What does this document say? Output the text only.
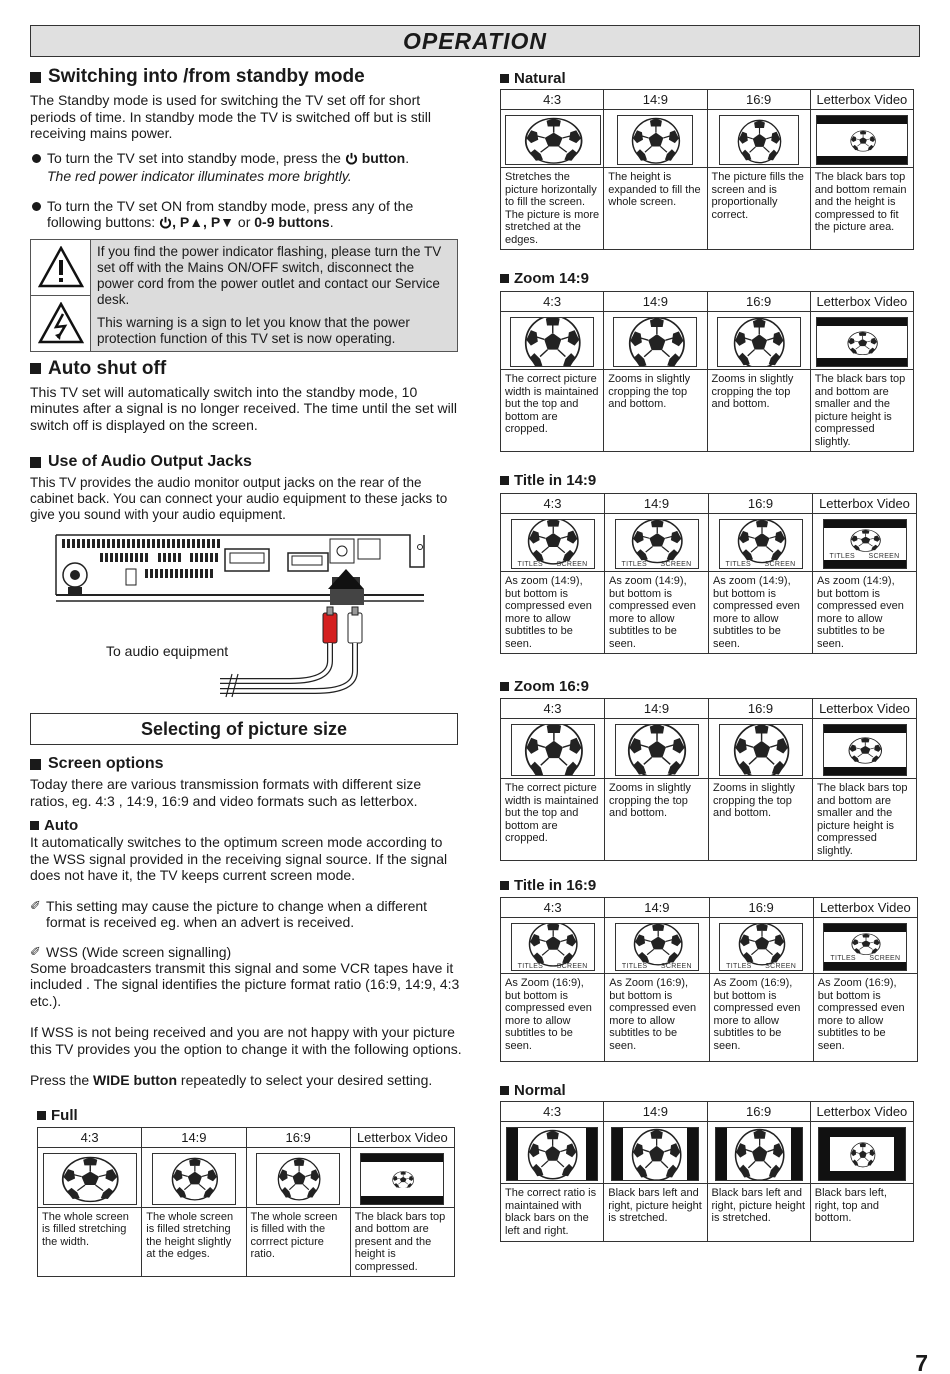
OPERATION
Switching into /from standby mode

The Standby mode is used for switching the TV set off for short periods of time. In standby mode the TV is switched off but is still receiving mains power.

To turn the TV set into standby mode, press the button.
The red power indicator illuminates more brightly.
To turn the TV set ON from standby mode, press any of the following buttons: , P▲, P▼ or 0-9 buttons.

If you find the power indicator flashing, please turn the TV set off with the Mains ON/OFF switch, disconnect the power cord from the power outlet and contact our Service desk.

This warning is a sign to let you know that the power protection function of this TV set is now operating.

Auto shut off

This TV set will automatically switch into the standby mode, 10 minutes after a signal is no longer received. The time until the set will switch off is displayed on the screen.

Use of Audio Output Jacks

This TV provides the audio monitor output jacks on the rear of the cabinet back. You can connect your audio equipment to these jacks to give you sound with your audio equipment.

To audio equipment
Selecting of picture size
Screen options

Today there are various transmission formats with different size ratios, eg. 4:3 , 14:9, 16:9 and video formats such as letterbox.

Auto

It automatically switches to the optimum screen mode according to the WSS signal provided in the receiving signal source. If the signal does not have it, the TV keeps current screen mode.

✐ This setting may cause the picture to change when a different format is received eg. when an advert is received.
✐ WSS (Wide screen signalling)

Some broadcasters transmit this signal and some VCR tapes have it included . The signal identifies the picture format ratio (16:9, 14:9, 4:3 etc.).

If WSS is not being received and you are not happy with your picture this TV provides you the option to change it with the following options.

Press the WIDE button repeatedly to select your desired setting.

Full
4:3	14:9	16:9	Letterbox Video

The whole screen is filled stretching the width.	The whole screen is filled stretching the height slightly at the edges.	The whole screen is filled with the corrrect picture ratio.	The black bars top and bottom are present and the height is compressed.
Natural
4:3	14:9	16:9	Letterbox Video

Stretches the picture horizontally to fill the screen. The picture is more stretched at the edges.	The height is expanded to fill the whole screen.	The picture fills the screen and is proportionally correct.	The black bars top and bottom remain and the height is compressed to fit the picture area.
Zoom 14:9
4:3	14:9	16:9	Letterbox Video

The correct picture width is maintained but the top and bottom are cropped.	Zooms in slightly cropping the top and bottom.	Zooms in slightly cropping the top and bottom.	The black bars top and bottom are smaller and the picture height is compressed slightly.
Title in 14:9
4:3	14:9	16:9	Letterbox Video

TITLES SCREEN	TITLES SCREEN	TITLES SCREEN	TITLES SCREEN

As zoom (14:9), but bottom is compressed even more to allow subtitles to be seen.	As zoom (14:9), but bottom is compressed even more to allow subtitles to be seen.	As zoom (14:9), but bottom is compressed even more to allow subtitles to be seen.	As zoom (14:9), but bottom is compressed even more to allow subtitles to be seen.
Zoom 16:9
4:3	14:9	16:9	Letterbox Video

The correct picture width is maintained but the top and bottom are cropped.	Zooms in slightly cropping the top and bottom.	Zooms in slightly cropping the top and bottom.	The black bars top and bottom are smaller and the picture height is compressed slightly.
Title in 16:9
4:3	14:9	16:9	Letterbox Video

TITLES SCREEN	TITLES SCREEN	TITLES SCREEN	TITLES SCREEN

As Zoom (16:9), but bottom is compressed even more to allow subtitles to be seen.	As Zoom (16:9), but bottom is compressed even more to allow subtitles to be seen.	As Zoom (16:9), but bottom is compressed even more to allow subtitles to be seen.	As Zoom (16:9), but bottom is compressed even more to allow subtitles to be seen.
Normal
4:3	14:9	16:9	Letterbox Video

The correct ratio is maintained with black bars on the left and right.	Black bars left and right, picture height is stretched.	Black bars left and right, picture height is stretched.	Black bars left, right, top and bottom.
7
